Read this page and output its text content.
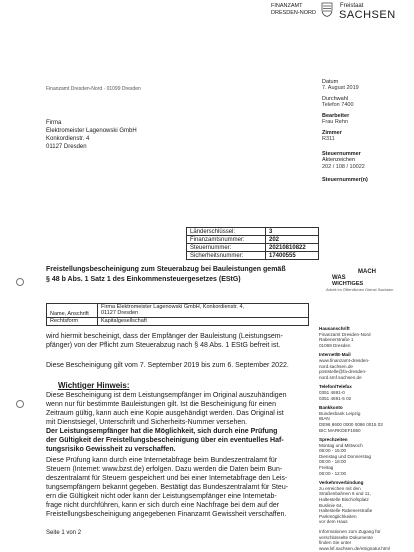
FINANZAMT
DRESDEN-NORD
Freistaat
SACHSEN
Finanzamt Dresden-Nord · 01099 Dresden
Firma
Elektromeister Lagenowski GmbH
Konkordienstr. 4
01127 Dresden
Datum
7. August 2019
Durchwahl
Telefon 7400
Bearbeiter
Frau Rehn
Zimmer
R311
Steuernummer
Aktenzeichen
202 / 108 / 10022
Steuernummer(n)
Länderschlüssel:	3
Finanzamtsnummer:	202
Steuernummer:	20210810822
Sicherheitsnummer:	17400555
MACH
WAS
WICHTIGES
Arbeit im Öffentlichen Dienst Sachsen
Freistellungsbescheinigung zum Steuerabzug bei Bauleistungen gemäß
§ 48 b Abs. 1 Satz 1 des Einkommensteuergesetzes (EStG)
Name, Anschrift	Firma Elektromeister Lagenowski GmbH, Konkordienstr. 4,
01127 Dresden

Rechtsform	Kapitalgesellschaft
wird hiermit bescheinigt, dass der Empfänger der Bauleistung (Leistungsem-
pfänger) von der Pflicht zum Steuerabzug nach § 48 Abs. 1 EStG befreit ist.
Diese Bescheinigung gilt vom 7. September 2019 bis zum 6. September 2022.
Wichtiger Hinweis:
Diese Bescheinigung ist dem Leistungsempfänger im Original auszuhändigen
wenn nur für bestimmte Bauleistungen gilt. Ist die Bescheinigung für einen
Zeitraum gültig, kann auch eine Kopie ausgehändigt werden. Das Original ist
mit Dienstsiegel, Unterschrift und Sicherheits-Nummer versehen.
Der Leistungsempfänger hat die Möglichkeit, sich durch eine Prüfung
der Gültigkeit der Freistellungsbescheinigung über ein eventuelles Haf-
tungsrisiko Gewissheit zu verschaffen.
Diese Prüfung kann durch eine Internetabfrage beim Bundeszentralamt für
Steuern (Internet: www.bzst.de) erfolgen. Dazu werden die Daten beim Bun-
deszentralamt für Steuern gespeichert und bei einer Internetabfrage den Leis-
tungsempfängern bekannt gegeben. Bestätigt das Bundeszentralamt für Steu-
ern die Gültigkeit nicht oder kann der Leistungsempfänger eine Internetab-
frage nicht durchführen, kann er sich durch eine Nachfrage bei dem auf der
Freistellungsbescheinigung angegebenen Finanzamt Gewissheit verschaffen.
Seite 1 von 2
Hausanschrift
Finanzamt Dresden-Nord
Rabenerstraße 1
01069 Dresden
Internet/E-Mail
www.finanzamt-dresden-
nord.sachsen.de
poststelle@fa-dresden-
nord.smf.sachsen.de
Telefon/Telefax
0351 4691-0
0351 4691-5 02
Bankkonto
Bundesbank Leipzig
IBAN
DE96 8600 0000 0086 0015 03
BIC MARKDEF1860
Sprechzeiten
Montag und Mittwoch
08:00 - 15:00
Dienstag und Donnerstag
08:00 - 18:00
Freitag
08:00 - 12:00
Verkehrsverbindung
zu erreichen mit den
Straßenbahnen 6 und 11,
Haltestelle Bischofsplatz
Buslinie 64,
Haltestelle Rabenerstraße
Parkmöglichkeiten
vor dem Haus
Informationen zum Zugang für
verschlüsselte Dokumente
finden Sie unter
www.lsf.sachsen.de/eSignatur.html
